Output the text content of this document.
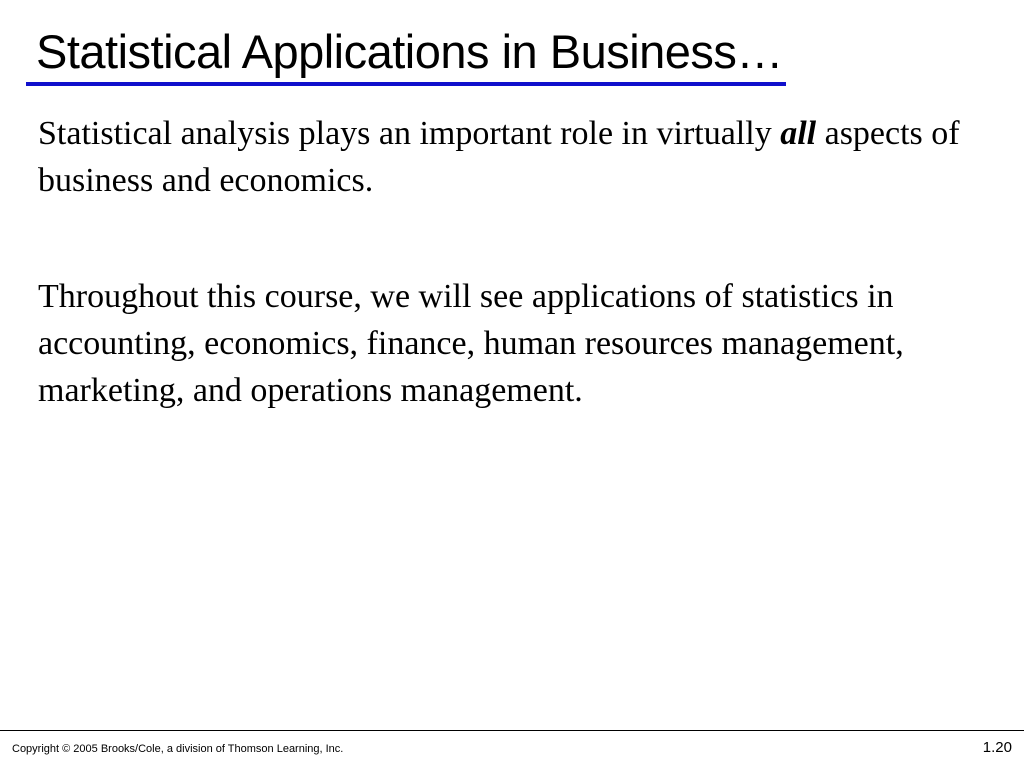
Statistical Applications in Business…

Statistical analysis plays an important role in virtually all aspects of business and economics.

Throughout this course, we will see applications of statistics in accounting, economics, finance, human resources management, marketing, and operations management.

Copyright © 2005 Brooks/Cole, a division of Thomson Learning, Inc.	1.20
